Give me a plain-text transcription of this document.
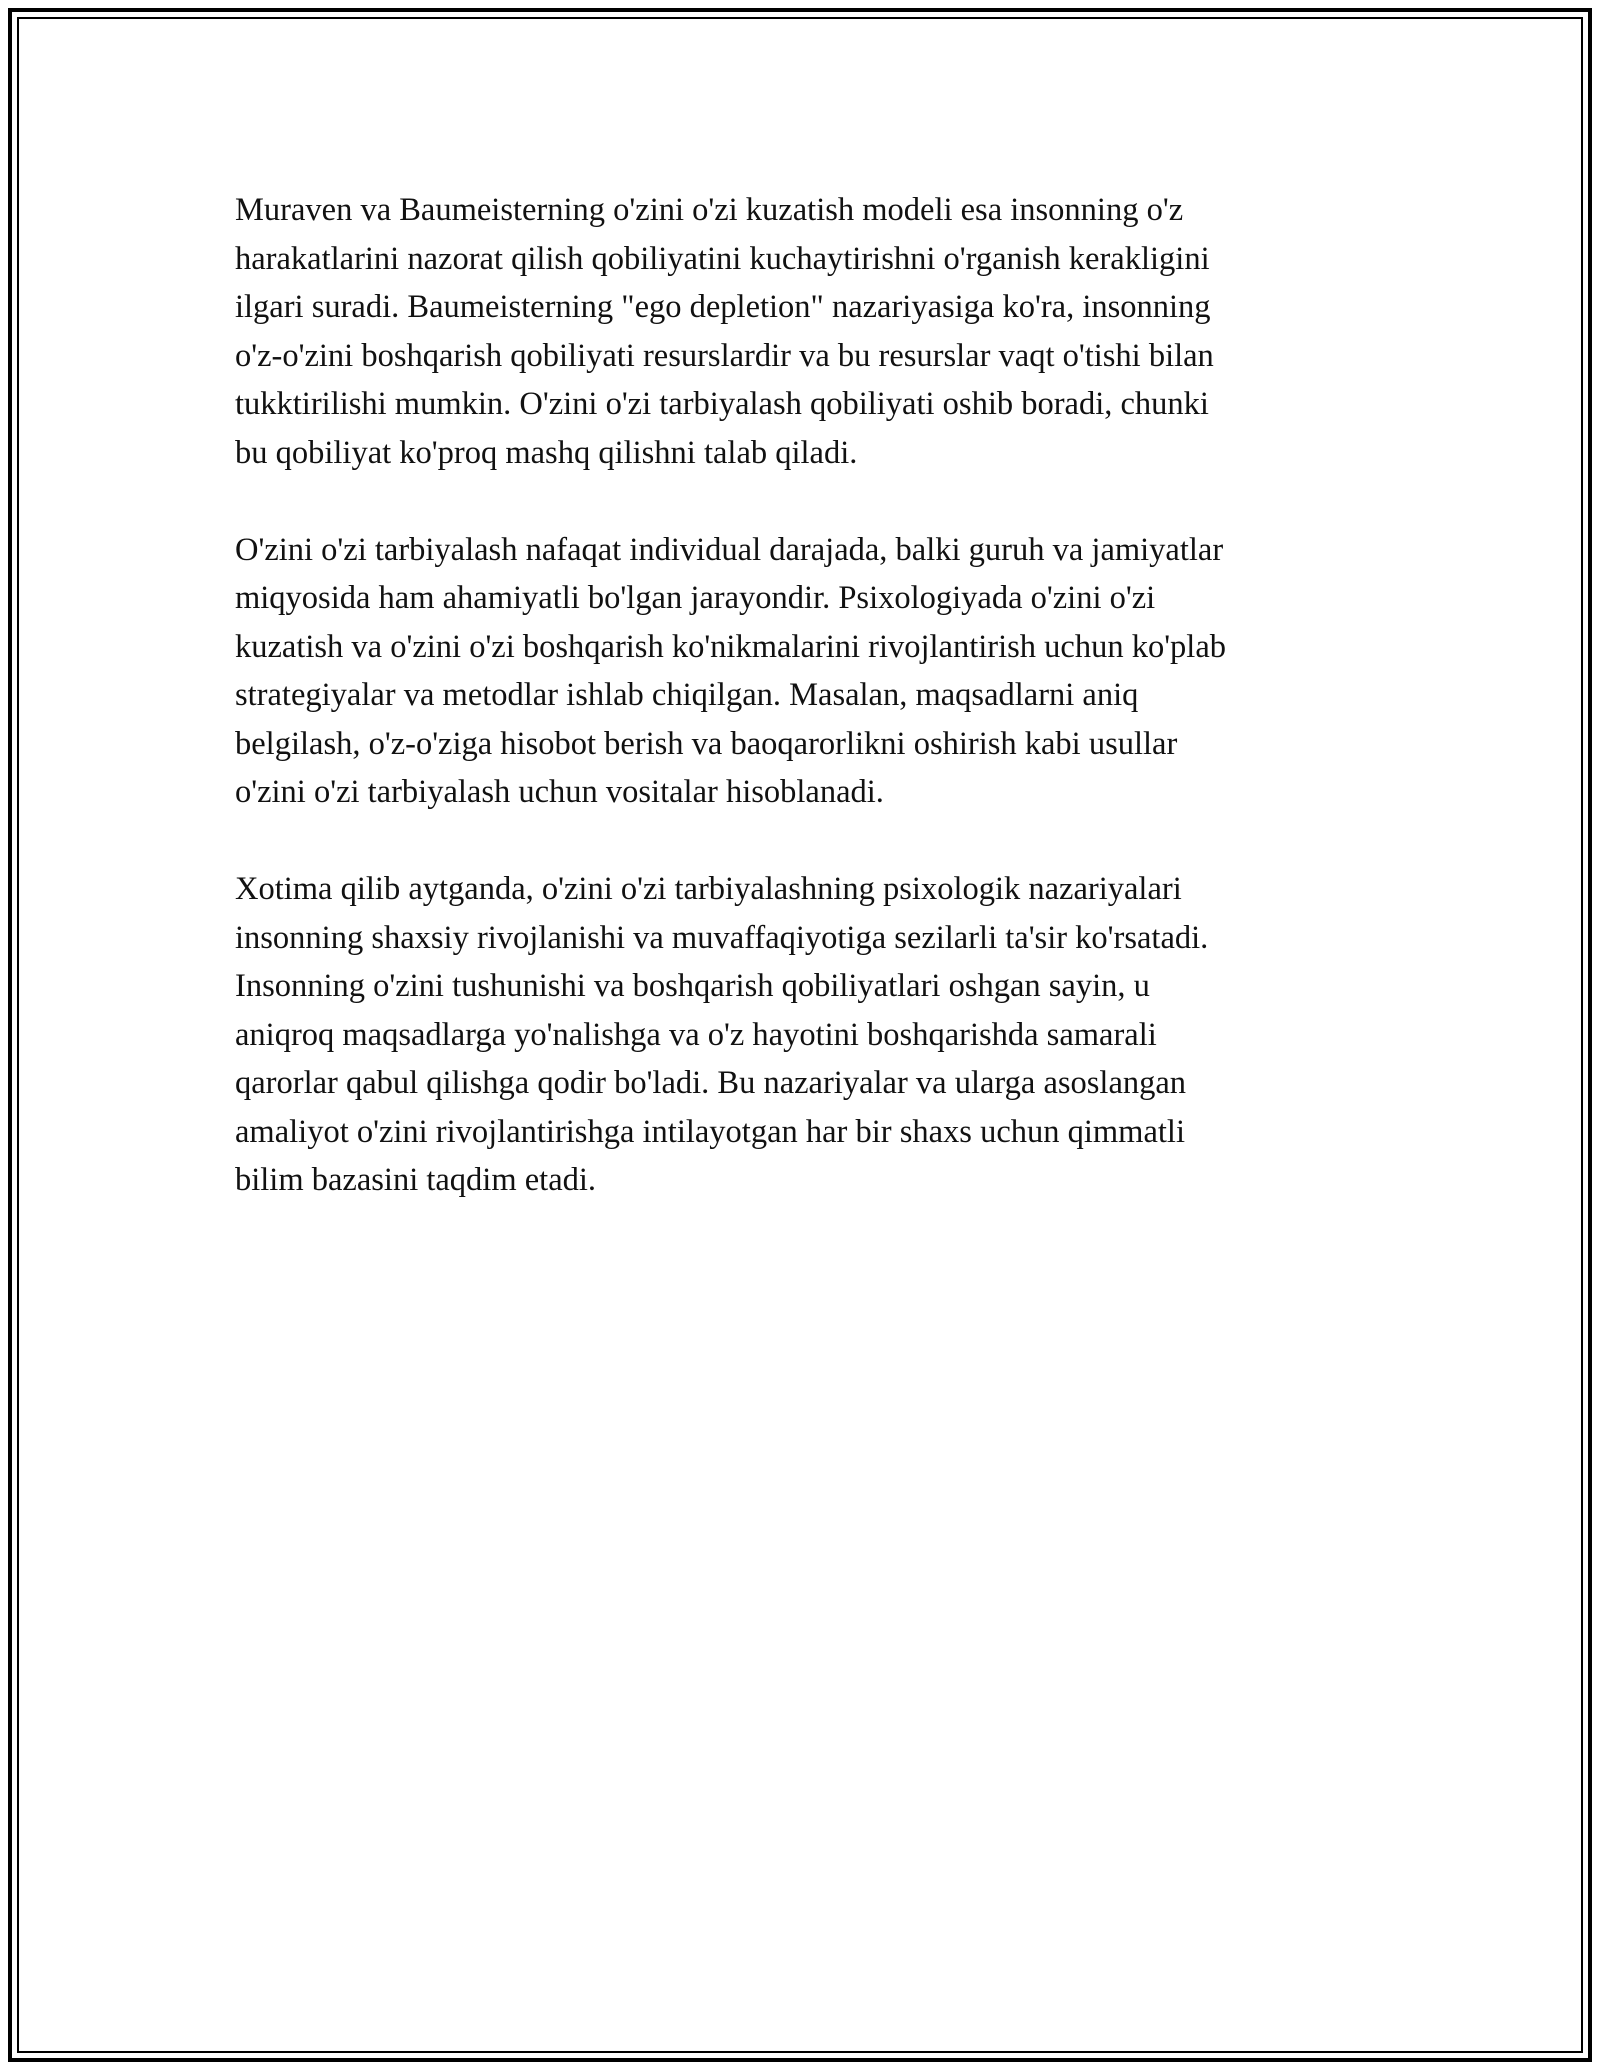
Muraven va Baumeisterning o'zini o'zi kuzatish modeli esa insonning o'z
harakatlarini nazorat qilish qobiliyatini kuchaytirishni o'rganish kerakligini
ilgari suradi. Baumeisterning "ego depletion" nazariyasiga ko'ra, insonning
o'z-o'zini boshqarish qobiliyati resurslardir va bu resurslar vaqt o'tishi bilan
tukktirilishi mumkin. O'zini o'zi tarbiyalash qobiliyati oshib boradi, chunki
bu qobiliyat ko'proq mashq qilishni talab qiladi.

O'zini o'zi tarbiyalash nafaqat individual darajada, balki guruh va jamiyatlar
miqyosida ham ahamiyatli bo'lgan jarayondir. Psixologiyada o'zini o'zi
kuzatish va o'zini o'zi boshqarish ko'nikmalarini rivojlantirish uchun ko'plab
strategiyalar va metodlar ishlab chiqilgan. Masalan, maqsadlarni aniq
belgilash, o'z-o'ziga hisobot berish va baoqarorlikni oshirish kabi usullar
o'zini o'zi tarbiyalash uchun vositalar hisoblanadi.

Xotima qilib aytganda, o'zini o'zi tarbiyalashning psixologik nazariyalari
insonning shaxsiy rivojlanishi va muvaffaqiyotiga sezilarli ta'sir ko'rsatadi.
Insonning o'zini tushunishi va boshqarish qobiliyatlari oshgan sayin, u
aniqroq maqsadlarga yo'nalishga va o'z hayotini boshqarishda samarali
qarorlar qabul qilishga qodir bo'ladi. Bu nazariyalar va ularga asoslangan
amaliyot o'zini rivojlantirishga intilayotgan har bir shaxs uchun qimmatli
bilim bazasini taqdim etadi.
